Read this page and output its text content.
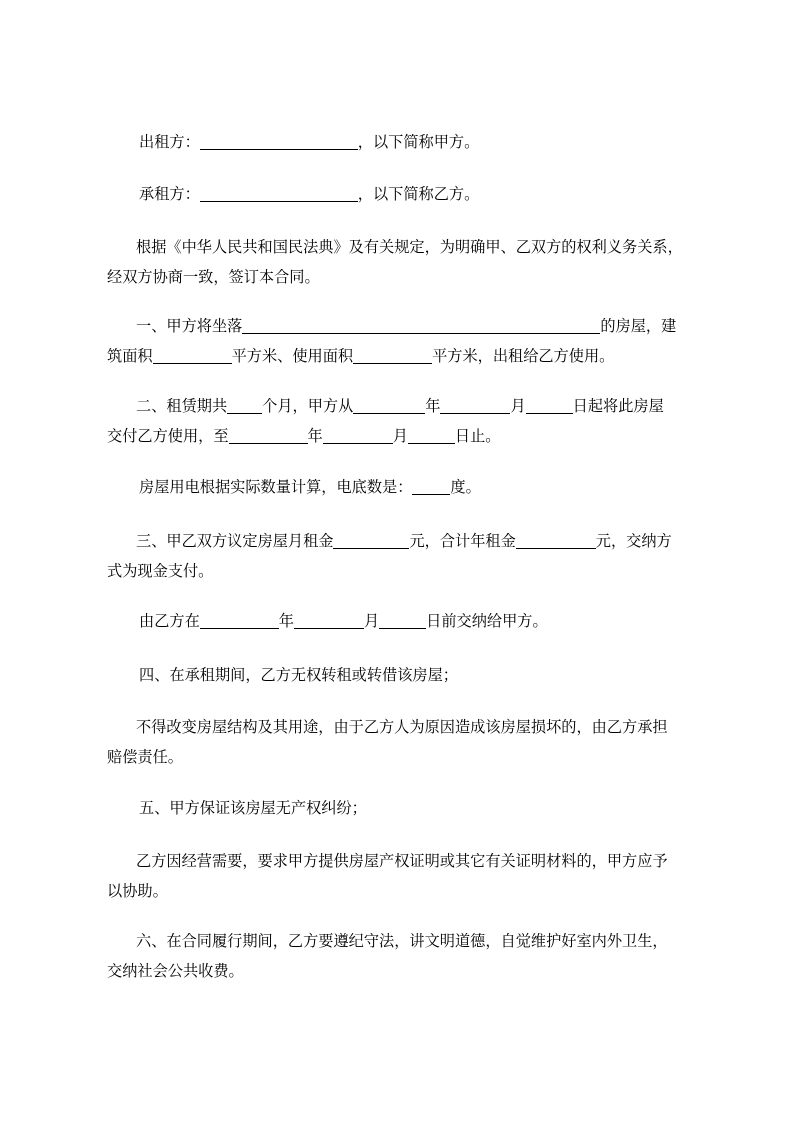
出租方：	，以下简称甲方。
承租方：	，以下简称乙方。
根据《中华人民共和国民法典》及有关规定，为明确甲、乙双方的权利义务关系，
经双方协商一致，签订本合同。
一、甲方将坐落	的房屋，建
筑面积	平方米、使用面积	平方米，出租给乙方使用。
二、租赁期共 个月，甲方从	年	月	日起将此房屋
交付乙方使用，至	年	月	日止。
房屋用电根据实际数量计算，电底数是：	度。
三、甲乙双方议定房屋月租金	元，合计年租金	元，交纳方
式为现金支付。
由乙方在	年	月	日前交纳给甲方。
四、在承租期间，乙方无权转租或转借该房屋；
不得改变房屋结构及其用途，由于乙方人为原因造成该房屋损坏的，由乙方承担
赔偿责任。
五、甲方保证该房屋无产权纠纷；
乙方因经营需要，要求甲方提供房屋产权证明或其它有关证明材料的，甲方应予
以协助。
六、在合同履行期间，乙方要遵纪守法，讲文明道德，自觉维护好室内外卫生，
交纳社会公共收费。
